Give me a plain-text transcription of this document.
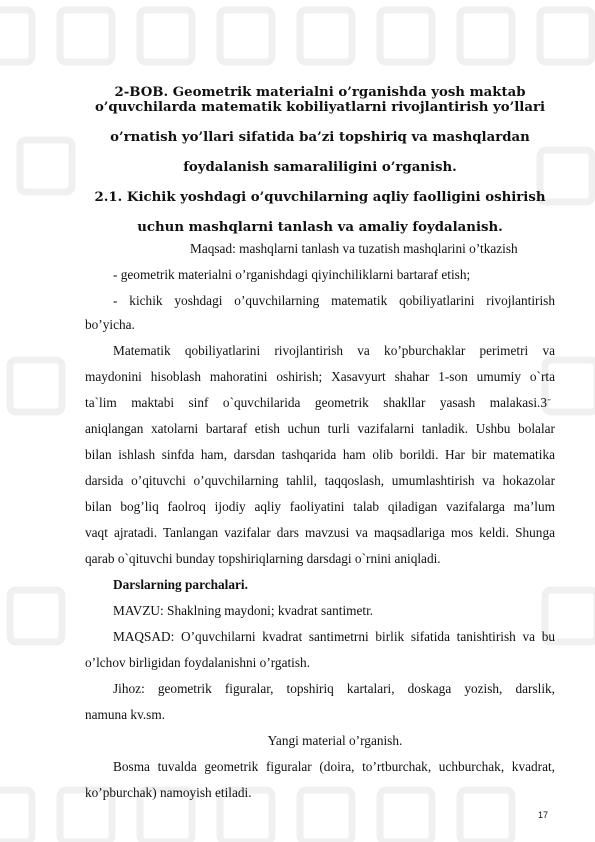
2-BOB. Geometrik materialni o’rganishda yosh maktab
o’quvchilarda matematik kobiliyatlarni rivojlantirish yo’llari
o’rnatish yo’llari sifatida ba’zi topshiriq va mashqlardan
foydalanish samaraliligini o’rganish.
2.1. Kichik yoshdagi o’quvchilarning aqliy faolligini oshirish
uchun mashqlarni tanlash va amaliy foydalanish.

Maqsad: mashqlarni tanlash va tuzatish mashqlarini o’tkazish

- geometrik materialni o’rganishdagi qiyinchiliklarni bartaraf etish;

- kichik yoshdagi o’quvchilarning matematik qobiliyatlarini rivojlantirish

bo’yicha.

Matematik qobiliyatlarini rivojlantirish va ko’pburchaklar perimetri va

maydonini hisoblash mahoratini oshirish; Xasavyurt shahar 1-son umumiy o`rta

ta`lim maktabi sinf o`quvchilarida geometrik shakllar yasash malakasi.3’’

aniqlangan xatolarni bartaraf etish uchun turli vazifalarni tanladik. Ushbu bolalar

bilan ishlash sinfda ham, darsdan tashqarida ham olib borildi. Har bir matematika

darsida o’qituvchi o’quvchilarning tahlil, taqqoslash, umumlashtirish va hokazolar

bilan bog’liq faolroq ijodiy aqliy faoliyatini talab qiladigan vazifalarga ma’lum

vaqt ajratadi. Tanlangan vazifalar dars mavzusi va maqsadlariga mos keldi. Shunga

qarab o`qituvchi bunday topshiriqlarning darsdagi o`rnini aniqladi.

Darslarning parchalari.

MAVZU: Shaklning maydoni; kvadrat santimetr.

MAQSAD: O’quvchilarni kvadrat santimetrni birlik sifatida tanishtirish va bu

o’lchov birligidan foydalanishni o’rgatish.

Jihoz: geometrik figuralar, topshiriq kartalari, doskaga yozish, darslik,

namuna kv.sm.

Yangi material o’rganish.

Bosma tuvalda geometrik figuralar (doira, to’rtburchak, uchburchak, kvadrat,

ko’pburchak) namoyish etiladi.

17
